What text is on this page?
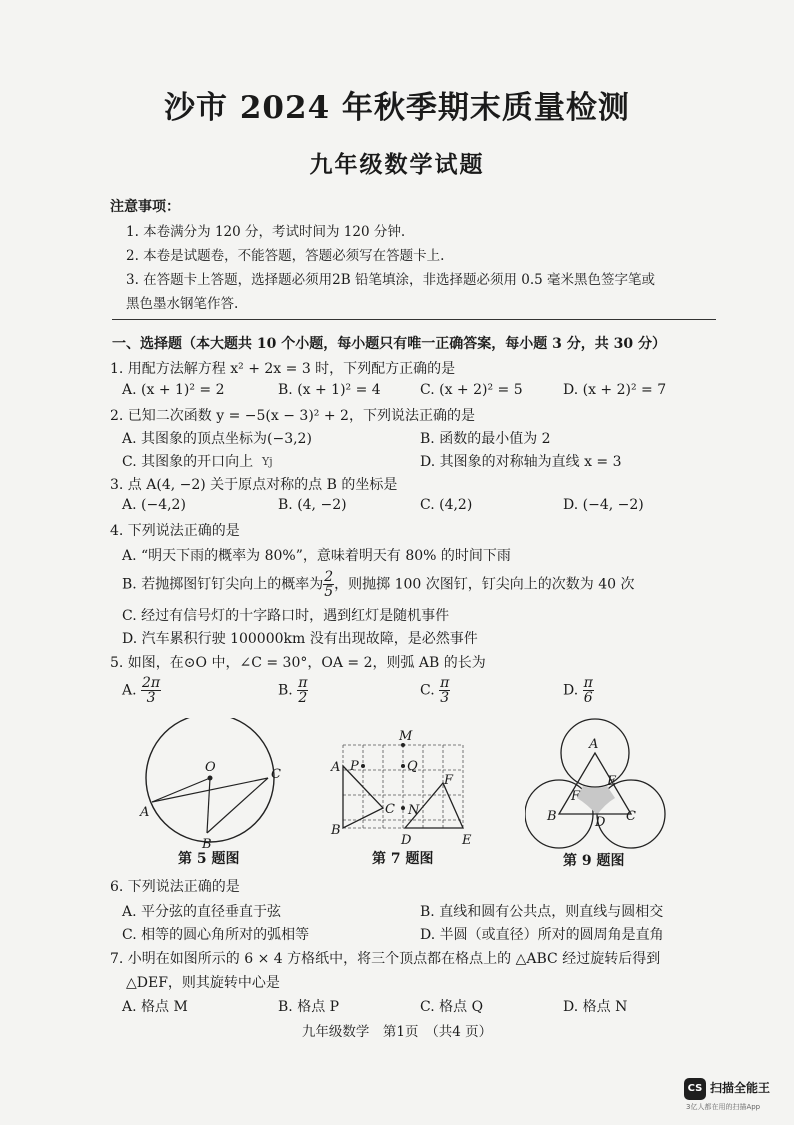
沙市 2024 年秋季期末质量检测
九年级数学试题
注意事项：
1. 本卷满分为 120 分，考试时间为 120 分钟.
2. 本卷是试题卷，不能答题，答题必须写在答题卡上.
3. 在答题卡上答题，选择题必须用2B 铅笔填涂，非选择题必须用 0.5 毫米黑色签字笔或
黑色墨水钢笔作答.
一、选择题（本大题共 10 个小题，每小题只有唯一正确答案，每小题 3 分，共 30 分）
1. 用配方法解方程 x² + 2x = 3 时，下列配方正确的是
A. (x + 1)² = 2	B. (x + 1)² = 4	C. (x + 2)² = 5	D. (x + 2)² = 7
2. 已知二次函数 y = −5(x − 3)² + 2，下列说法正确的是
A. 其图象的顶点坐标为(−3,2)	B. 函数的最小值为 2
C. 其图象的开口向上	D. 其图象的对称轴为直线 x = 3
Yj
3. 点 A(4, −2) 关于原点对称的点 B 的坐标是
A. (−4,2)	B. (4, −2)	C. (4,2)	D. (−4, −2)
4. 下列说法正确的是
A. “明天下雨的概率为 80%”，意味着明天有 80% 的时间下雨
B. 若抛掷图钉钉尖向上的概率为 $\frac{2}{5}$ ，则抛掷 100 次图钉，钉尖向上的次数为 40 次
C. 经过有信号灯的十字路口时，遇到红灯是随机事件
D. 汽车累积行驶 100000km 没有出现故障，是必然事件
5. 如图，在⊙O 中，∠C = 30°，OA = 2，则弧 AB 的长为
A. $\frac{2\pi}{3}$	B. $\frac{\pi}{2}$	C. $\frac{\pi}{3}$	D. $\frac{\pi}{6}$
O	C
A
B
第 5 题图
M
A P	Q
F
C N
B
D	E
第 7 题图
A
E
F
B	D C
第 9 题图
6. 下列说法正确的是
A. 平分弦的直径垂直于弦	B. 直线和圆有公共点，则直线与圆相交
C. 相等的圆心角所对的弧相等	D. 半圆（或直径）所对的圆周角是直角
7. 小明在如图所示的 6 × 4 方格纸中，将三个顶点都在格点上的 △ABC 经过旋转后得到
△DEF，则其旋转中心是
A. 格点 M	B. 格点 P	C. 格点 Q	D. 格点 N
九年级数学　第1页　（共4 页）
CS 扫描全能王
3亿人都在用的扫描App
